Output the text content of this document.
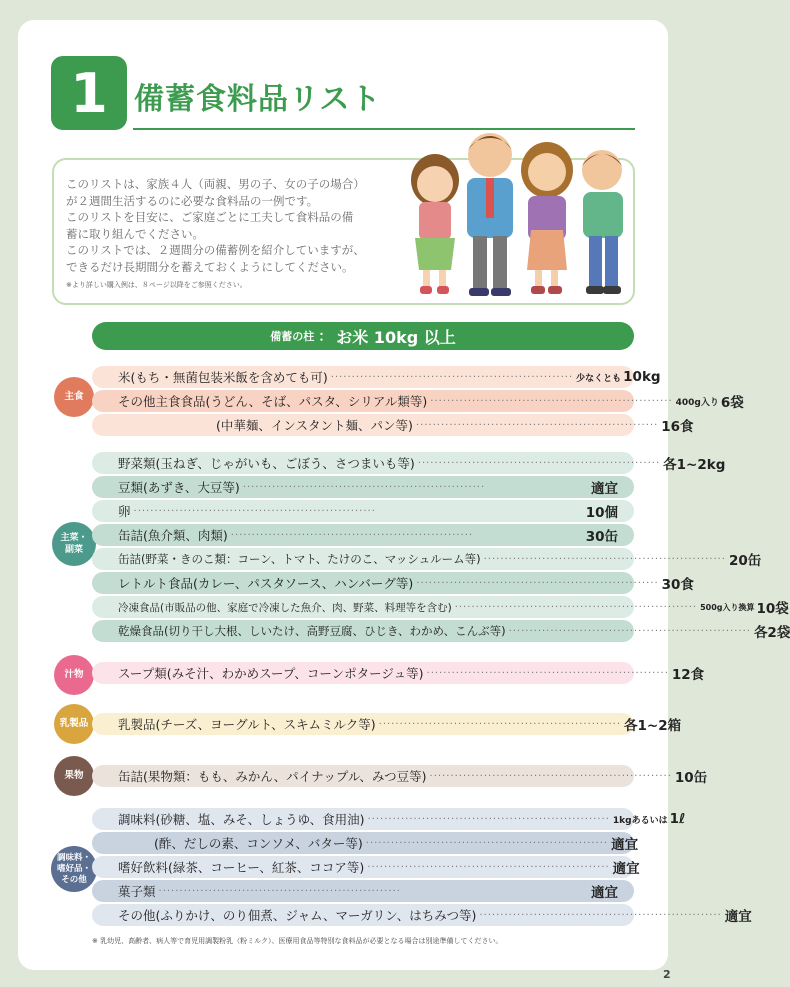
1 備蓄食料品リスト
このリストは、家族４人（両親、男の子、女の子の場合）
が２週間生活するのに必要な食料品の一例です。
このリストを目安に、ご家庭ごとに工夫して食料品の備
蓄に取り組んでください。
このリストでは、２週間分の備蓄例を紹介していますが、
できるだけ長期間分を蓄えておくようにしてください。
※より詳しい購入例は、８ページ以降をご参照ください。
備蓄の柱 ： お米 10kg 以上
主食
主菜・
副菜
汁物
乳製品
果物
調味料・
嗜好品・
その他
米(もち・無菌包装米飯を含めても可) ·························································· 少なくとも 10kg
その他主食食品(うどん、そば、パスタ、シリアル類等) ·························································· 400g入り 6袋
(中華麺、インスタント麺、パン等) ·························································· 16食
野菜類(玉ねぎ、じゃがいも、ごぼう、さつまいも等) ·························································· 各1~2kg
豆類(あずき、大豆等) ··························································	適宜
卵 ··························································	10個
缶詰(魚介類、肉類) ··························································	30缶
缶詰(野菜・きのこ類：コーン、トマト、たけのこ、マッシュルーム等) ·························································· 20缶
レトルト食品(カレー、パスタソース、ハンバーグ等) ·························································· 30食
冷凍食品(市販品の他、家庭で冷凍した魚介、肉、野菜、料理等を含む) ·························································· 500g入り換算 10袋
乾燥食品(切り干し大根、しいたけ、高野豆腐、ひじき、わかめ、こんぶ等) ·························································· 各2袋
スープ類(みそ汁、わかめスープ、コーンポタージュ等) ·························································· 12食
乳製品(チーズ、ヨーグルト、スキムミルク等) ·························································· 各1~2箱
缶詰(果物類：もも、みかん、パイナップル、みつ豆等) ·························································· 10缶
調味料(砂糖、塩、みそ、しょうゆ、食用油) ·························································· 1kgあるいは 1ℓ
(酢、だしの素、コンソメ、バター等) ·························································· 適宜
嗜好飲料(緑茶、コーヒー、紅茶、ココア等) ·························································· 適宜
菓子類 ··························································	適宜
その他(ふりかけ、のり佃煮、ジャム、マーガリン、はちみつ等) ·························································· 適宜
※ 乳幼児、高齢者、病人等で育児用調製粉乳（粉ミルク）、医療用食品等特別な食料品が必要となる場合は別途準備してください。
2
